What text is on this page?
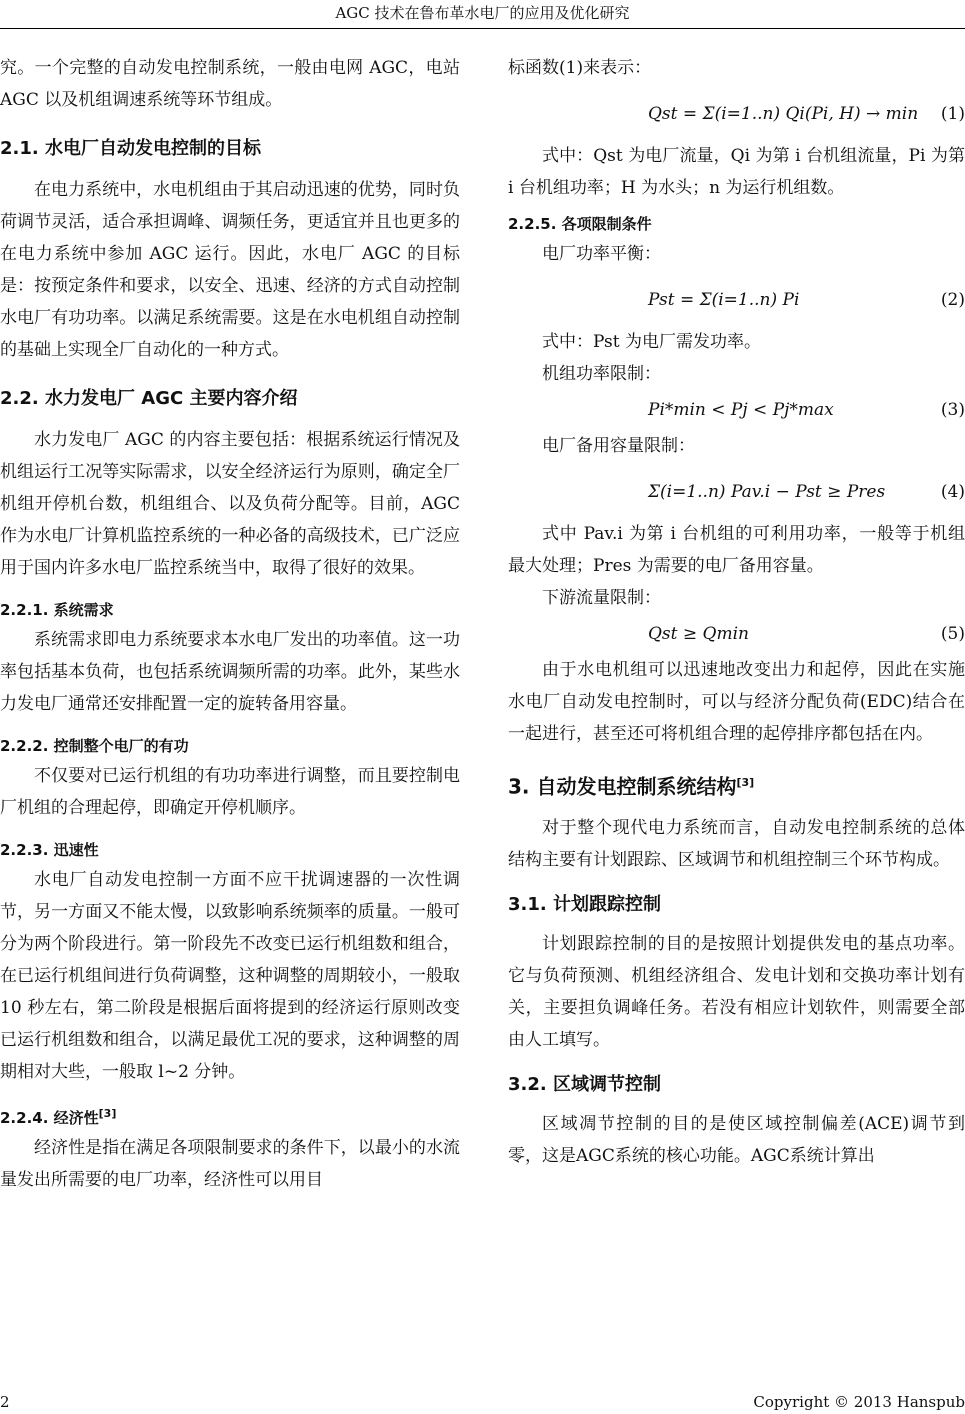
AGC 技术在鲁布革水电厂的应用及优化研究

究。一个完整的自动发电控制系统，一般由电网 AGC，电站 AGC 以及机组调速系统等环节组成。

2.1. 水电厂自动发电控制的目标

在电力系统中，水电机组由于其启动迅速的优势，同时负荷调节灵活，适合承担调峰、调频任务，更适宜并且也更多的在电力系统中参加 AGC 运行。因此，水电厂 AGC 的目标是：按预定条件和要求，以安全、迅速、经济的方式自动控制水电厂有功功率。以满足系统需要。这是在水电机组自动控制的基础上实现全厂自动化的一种方式。

2.2. 水力发电厂 AGC 主要内容介绍

水力发电厂 AGC 的内容主要包括：根据系统运行情况及机组运行工况等实际需求，以安全经济运行为原则，确定全厂机组开停机台数，机组组合、以及负荷分配等。目前，AGC 作为水电厂计算机监控系统的一种必备的高级技术，已广泛应用于国内许多水电厂监控系统当中，取得了很好的效果。

2.2.1. 系统需求

系统需求即电力系统要求本水电厂发出的功率值。这一功率包括基本负荷，也包括系统调频所需的功率。此外，某些水力发电厂通常还安排配置一定的旋转备用容量。

2.2.2. 控制整个电厂的有功

不仅要对已运行机组的有功功率进行调整，而且要控制电厂机组的合理起停，即确定开停机顺序。

2.2.3. 迅速性

水电厂自动发电控制一方面不应干扰调速器的一次性调节，另一方面又不能太慢，以致影响系统频率的质量。一般可分为两个阶段进行。第一阶段先不改变已运行机组数和组合，在已运行机组间进行负荷调整，这种调整的周期较小，一般取 10 秒左右，第二阶段是根据后面将提到的经济运行原则改变已运行机组数和组合，以满足最优工况的要求，这种调整的周期相对大些，一般取 l~2 分钟。

2.2.4. 经济性[3]

经济性是指在满足各项限制要求的条件下，以最小的水流量发出所需要的电厂功率，经济性可以用目

标函数(1)来表示：

Qst = Σ(i=1..n) Qi(Pi, H) → min (1)

式中：Qst 为电厂流量，Qi 为第 i 台机组流量，Pi 为第 i 台机组功率；H 为水头；n 为运行机组数。

2.2.5. 各项限制条件

电厂功率平衡：

Pst = Σ(i=1..n) Pi	(2)

式中：Pst 为电厂需发功率。

机组功率限制：

Pi*min < Pj < Pj*max	(3)

电厂备用容量限制：

Σ(i=1..n) Pav.i − Pst ≥ Pres	(4)

式中 Pav.i 为第 i 台机组的可利用功率，一般等于机组最大处理；Pres 为需要的电厂备用容量。

下游流量限制：

Qst ≥ Qmin	(5)

由于水电机组可以迅速地改变出力和起停，因此在实施水电厂自动发电控制时，可以与经济分配负荷(EDC)结合在一起进行，甚至还可将机组合理的起停排序都包括在内。

3. 自动发电控制系统结构[3]

对于整个现代电力系统而言，自动发电控制系统的总体结构主要有计划跟踪、区域调节和机组控制三个环节构成。

3.1. 计划跟踪控制

计划跟踪控制的目的是按照计划提供发电的基点功率。它与负荷预测、机组经济组合、发电计划和交换功率计划有关，主要担负调峰任务。若没有相应计划软件，则需要全部由人工填写。

3.2. 区域调节控制

区域凋节控制的目的是使区域控制偏差(ACE)调节到零，这是AGC系统的核心功能。AGC系统计算出

2	Copyright © 2013 Hanspub
